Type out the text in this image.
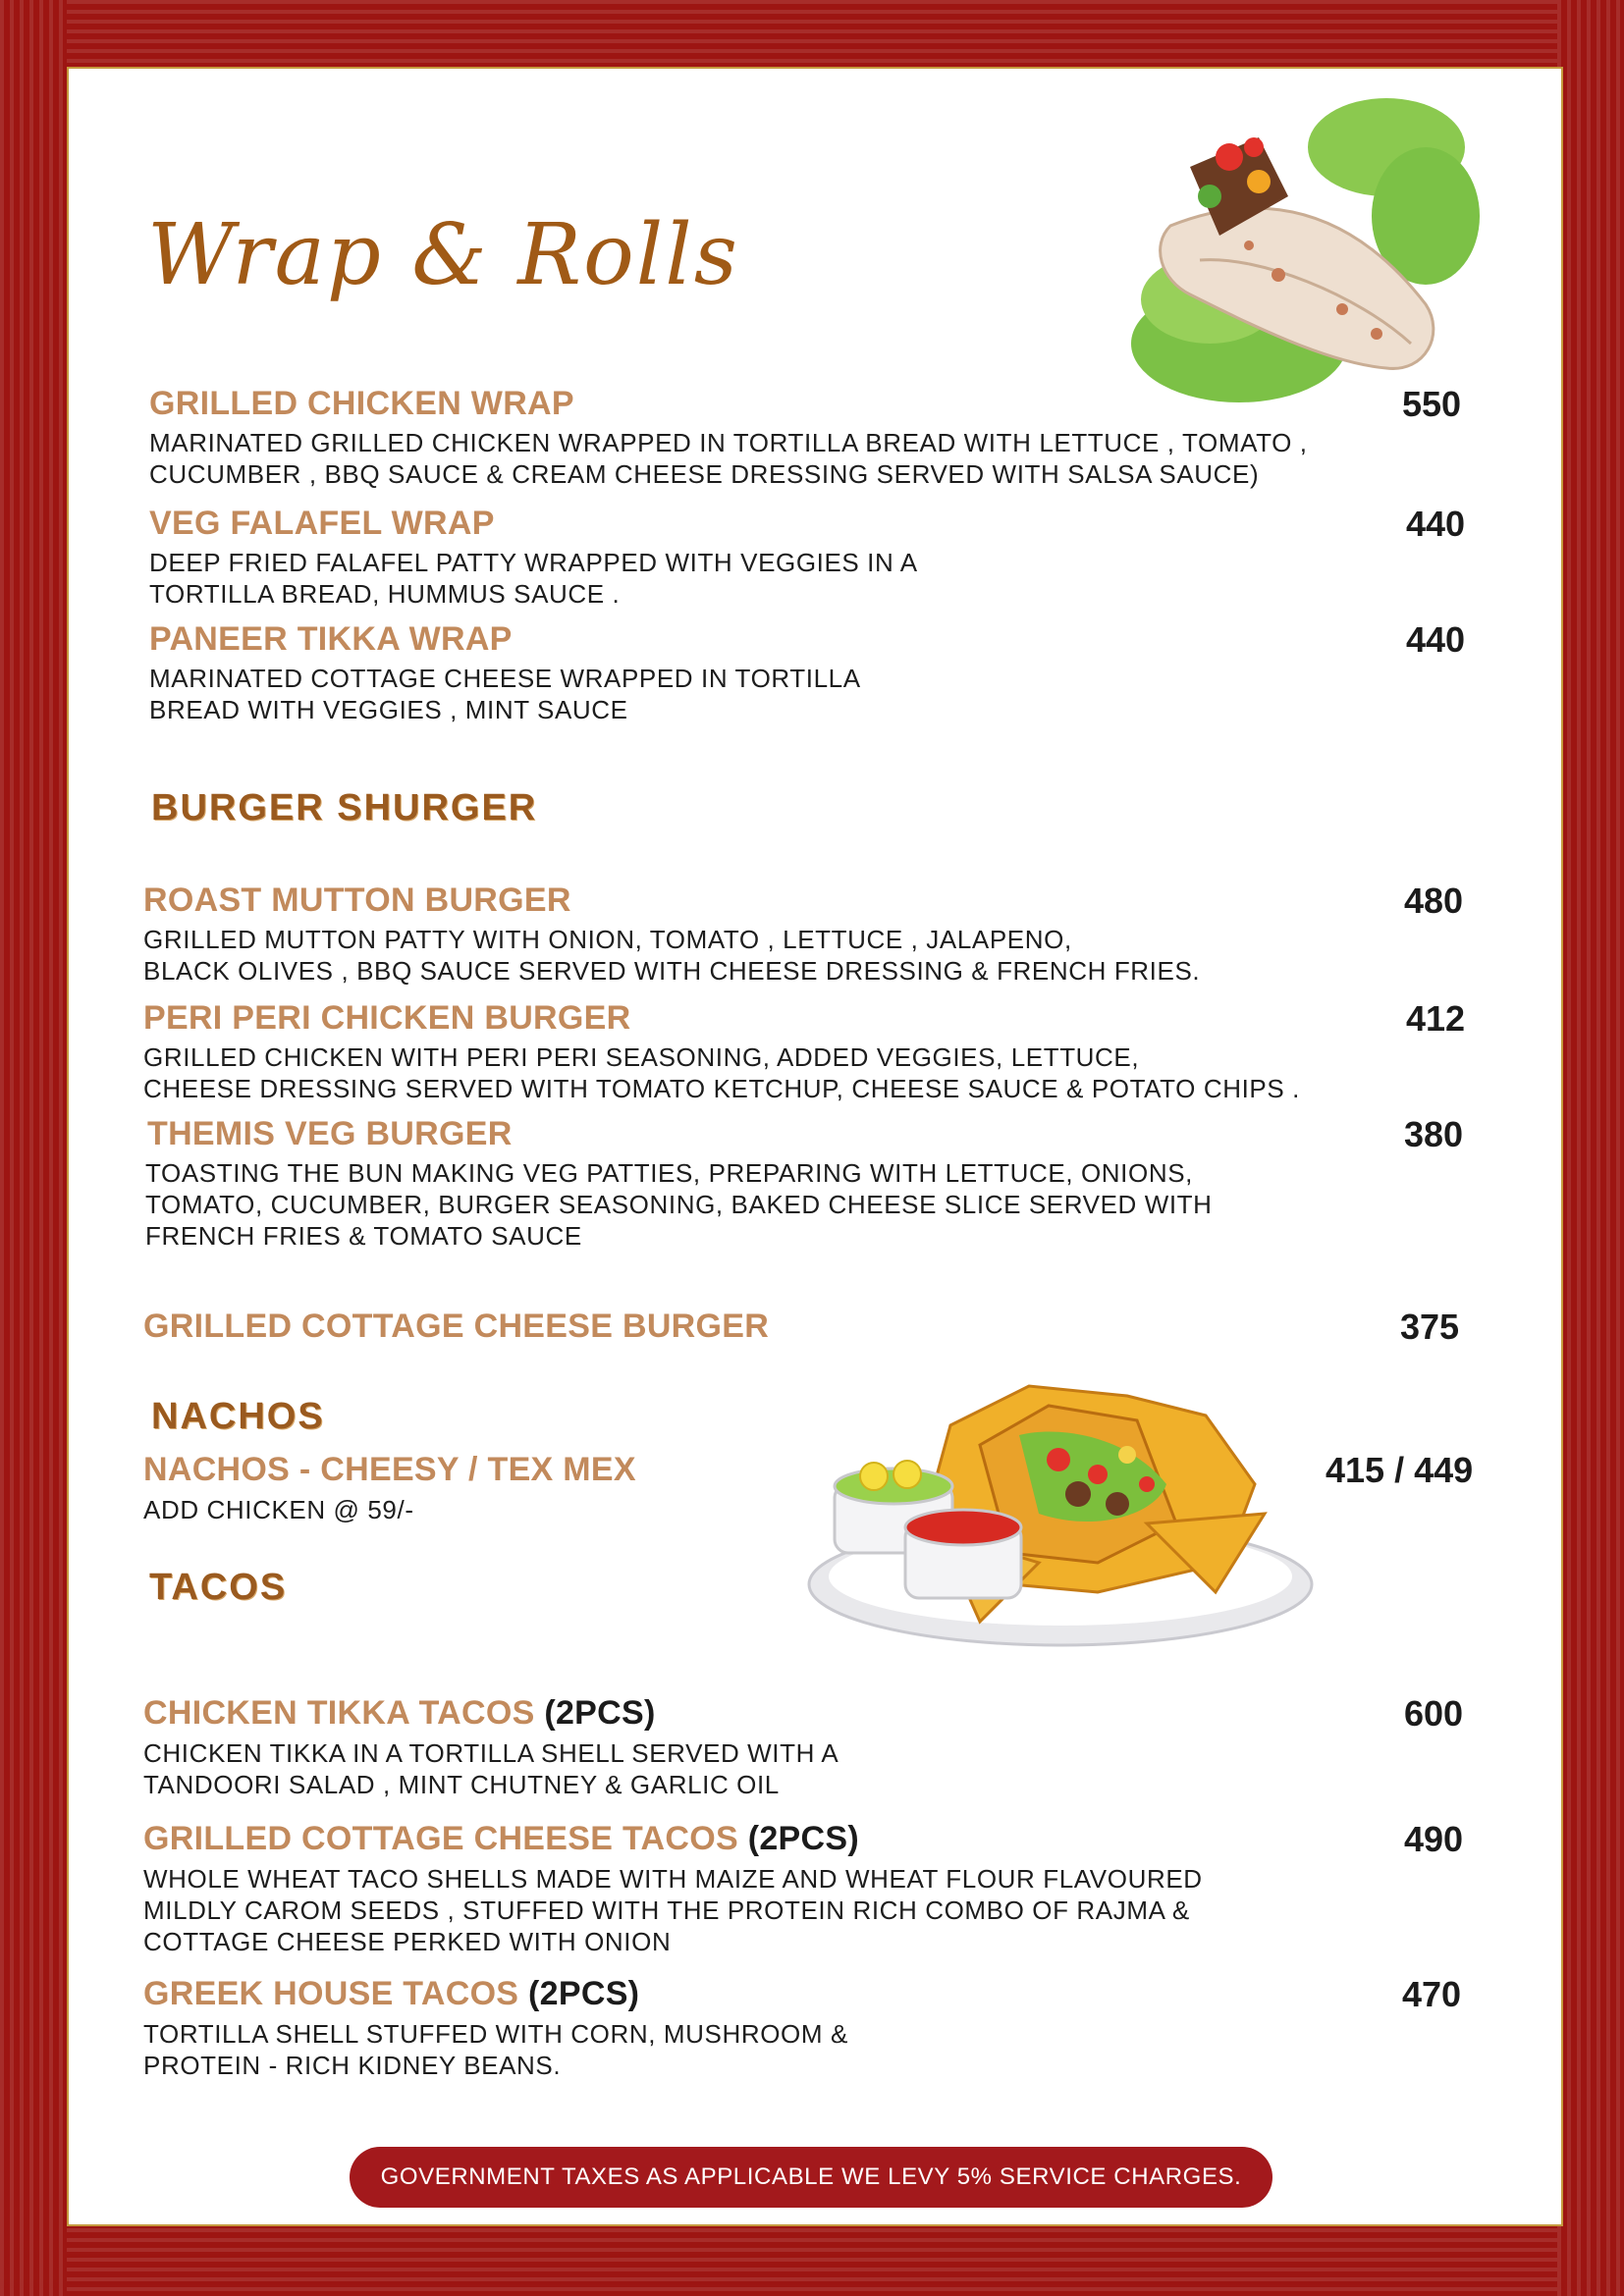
Wrap & Rolls
GRILLED CHICKEN WRAP	550
MARINATED GRILLED CHICKEN WRAPPED IN TORTILLA BREAD WITH LETTUCE , TOMATO ,
CUCUMBER , BBQ SAUCE & CREAM CHEESE DRESSING SERVED WITH SALSA SAUCE)
VEG FALAFEL WRAP	440
DEEP FRIED FALAFEL PATTY WRAPPED WITH VEGGIES IN A
TORTILLA BREAD, HUMMUS SAUCE .
PANEER TIKKA WRAP	440
MARINATED COTTAGE CHEESE WRAPPED IN TORTILLA
BREAD WITH VEGGIES , MINT SAUCE
BURGER SHURGER
ROAST MUTTON BURGER	480
GRILLED MUTTON PATTY WITH ONION, TOMATO , LETTUCE , JALAPENO,
BLACK OLIVES , BBQ SAUCE SERVED WITH CHEESE DRESSING & FRENCH FRIES.
PERI PERI CHICKEN BURGER	412
GRILLED CHICKEN WITH PERI PERI SEASONING, ADDED VEGGIES, LETTUCE,
CHEESE DRESSING SERVED WITH TOMATO KETCHUP, CHEESE SAUCE & POTATO CHIPS .
THEMIS VEG BURGER	380
TOASTING THE BUN MAKING VEG PATTIES, PREPARING WITH LETTUCE, ONIONS,
TOMATO, CUCUMBER, BURGER SEASONING, BAKED CHEESE SLICE SERVED WITH
FRENCH FRIES & TOMATO SAUCE
GRILLED COTTAGE CHEESE BURGER	375
NACHOS
NACHOS - CHEESY / TEX MEX	415 / 449
ADD CHICKEN @ 59/-
TACOS
CHICKEN TIKKA TACOS (2PCS)	600
CHICKEN TIKKA IN A TORTILLA SHELL SERVED WITH A
TANDOORI SALAD , MINT CHUTNEY & GARLIC OIL
GRILLED COTTAGE CHEESE TACOS (2PCS)	490
WHOLE WHEAT TACO SHELLS MADE WITH MAIZE AND WHEAT FLOUR FLAVOURED
MILDLY CAROM SEEDS , STUFFED WITH THE PROTEIN RICH COMBO OF RAJMA &
COTTAGE CHEESE PERKED WITH ONION
GREEK HOUSE TACOS (2PCS)	470
TORTILLA SHELL STUFFED WITH CORN, MUSHROOM &
PROTEIN - RICH KIDNEY BEANS.
GOVERNMENT TAXES AS APPLICABLE WE LEVY 5% SERVICE CHARGES.
